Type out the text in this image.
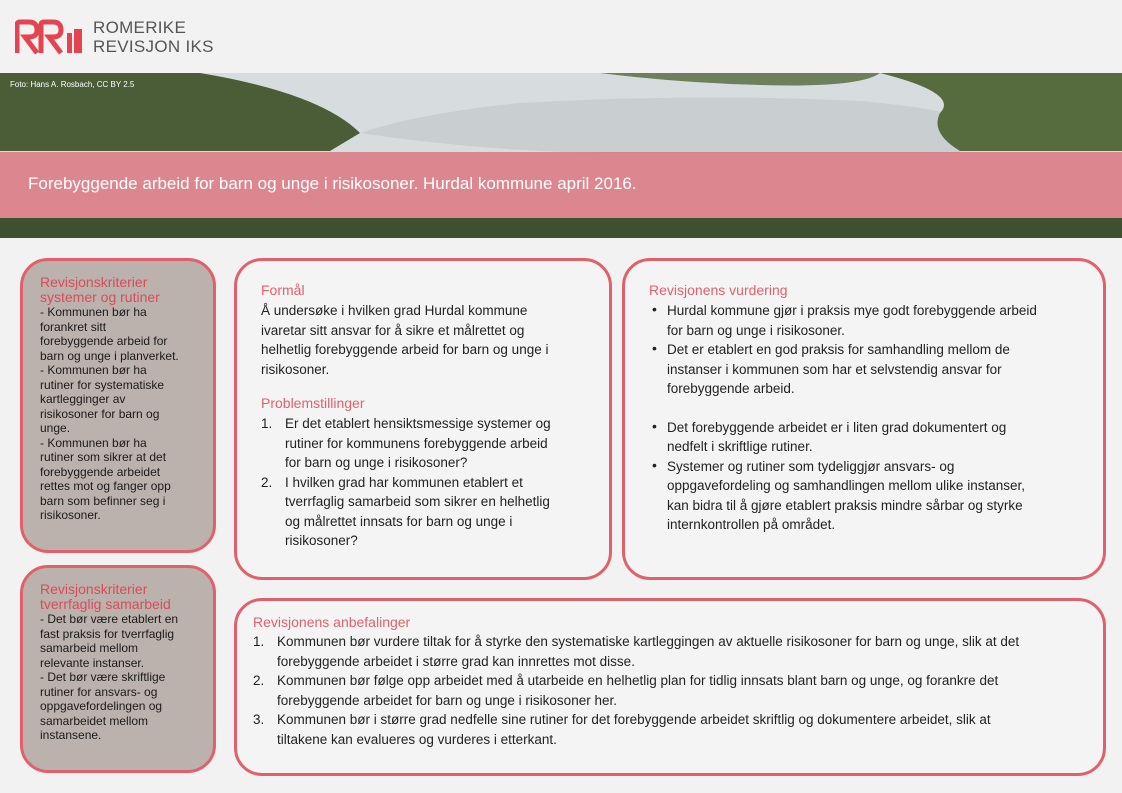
ROMERIKE
REVISJON IKS
Foto: Hans A. Rosbach, CC BY 2.5
Forebyggende arbeid for barn og unge i risikosoner. Hurdal kommune april 2016.
Revisjonskriterier
systemer og rutiner
- Kommunen bør ha
forankret sitt
forebyggende arbeid for
barn og unge i planverket.
- Kommunen bør ha
rutiner for systematiske
kartlegginger av
risikosoner for barn og
unge.
- Kommunen bør ha
rutiner som sikrer at det
forebyggende arbeidet
rettes mot og fanger opp
barn som befinner seg i
risikosoner.
Revisjonskriterier
tverrfaglig samarbeid
- Det bør være etablert en
fast praksis for tverrfaglig
samarbeid mellom
relevante instanser.
- Det bør være skriftlige
rutiner for ansvars- og
oppgavefordelingen og
samarbeidet mellom
instansene.
Formål
Å undersøke i hvilken grad Hurdal kommune
ivaretar sitt ansvar for å sikre et målrettet og
helhetlig forebyggende arbeid for barn og unge i
risikosoner.
Problemstillinger
1. Er det etablert hensiktsmessige systemer og
rutiner for kommunens forebyggende arbeid
for barn og unge i risikosoner?
2. I hvilken grad har kommunen etablert et
tverrfaglig samarbeid som sikrer en helhetlig
og målrettet innsats for barn og unge i
risikosoner?
Revisjonens vurdering
• Hurdal kommune gjør i praksis mye godt forebyggende arbeid
for barn og unge i risikosoner.
• Det er etablert en god praksis for samhandling mellom de
instanser i kommunen som har et selvstendig ansvar for
forebyggende arbeid.
• Det forebyggende arbeidet er i liten grad dokumentert og
nedfelt i skriftlige rutiner.
• Systemer og rutiner som tydeliggjør ansvars- og
oppgavefordeling og samhandlingen mellom ulike instanser,
kan bidra til å gjøre etablert praksis mindre sårbar og styrke
internkontrollen på området.
Revisjonens anbefalinger
1. Kommunen bør vurdere tiltak for å styrke den systematiske kartleggingen av aktuelle risikosoner for barn og unge, slik at det
forebyggende arbeidet i større grad kan innrettes mot disse.
2. Kommunen bør følge opp arbeidet med å utarbeide en helhetlig plan for tidlig innsats blant barn og unge, og forankre det
forebyggende arbeidet for barn og unge i risikosoner her.
3. Kommunen bør i større grad nedfelle sine rutiner for det forebyggende arbeidet skriftlig og dokumentere arbeidet, slik at
tiltakene kan evalueres og vurderes i etterkant.
